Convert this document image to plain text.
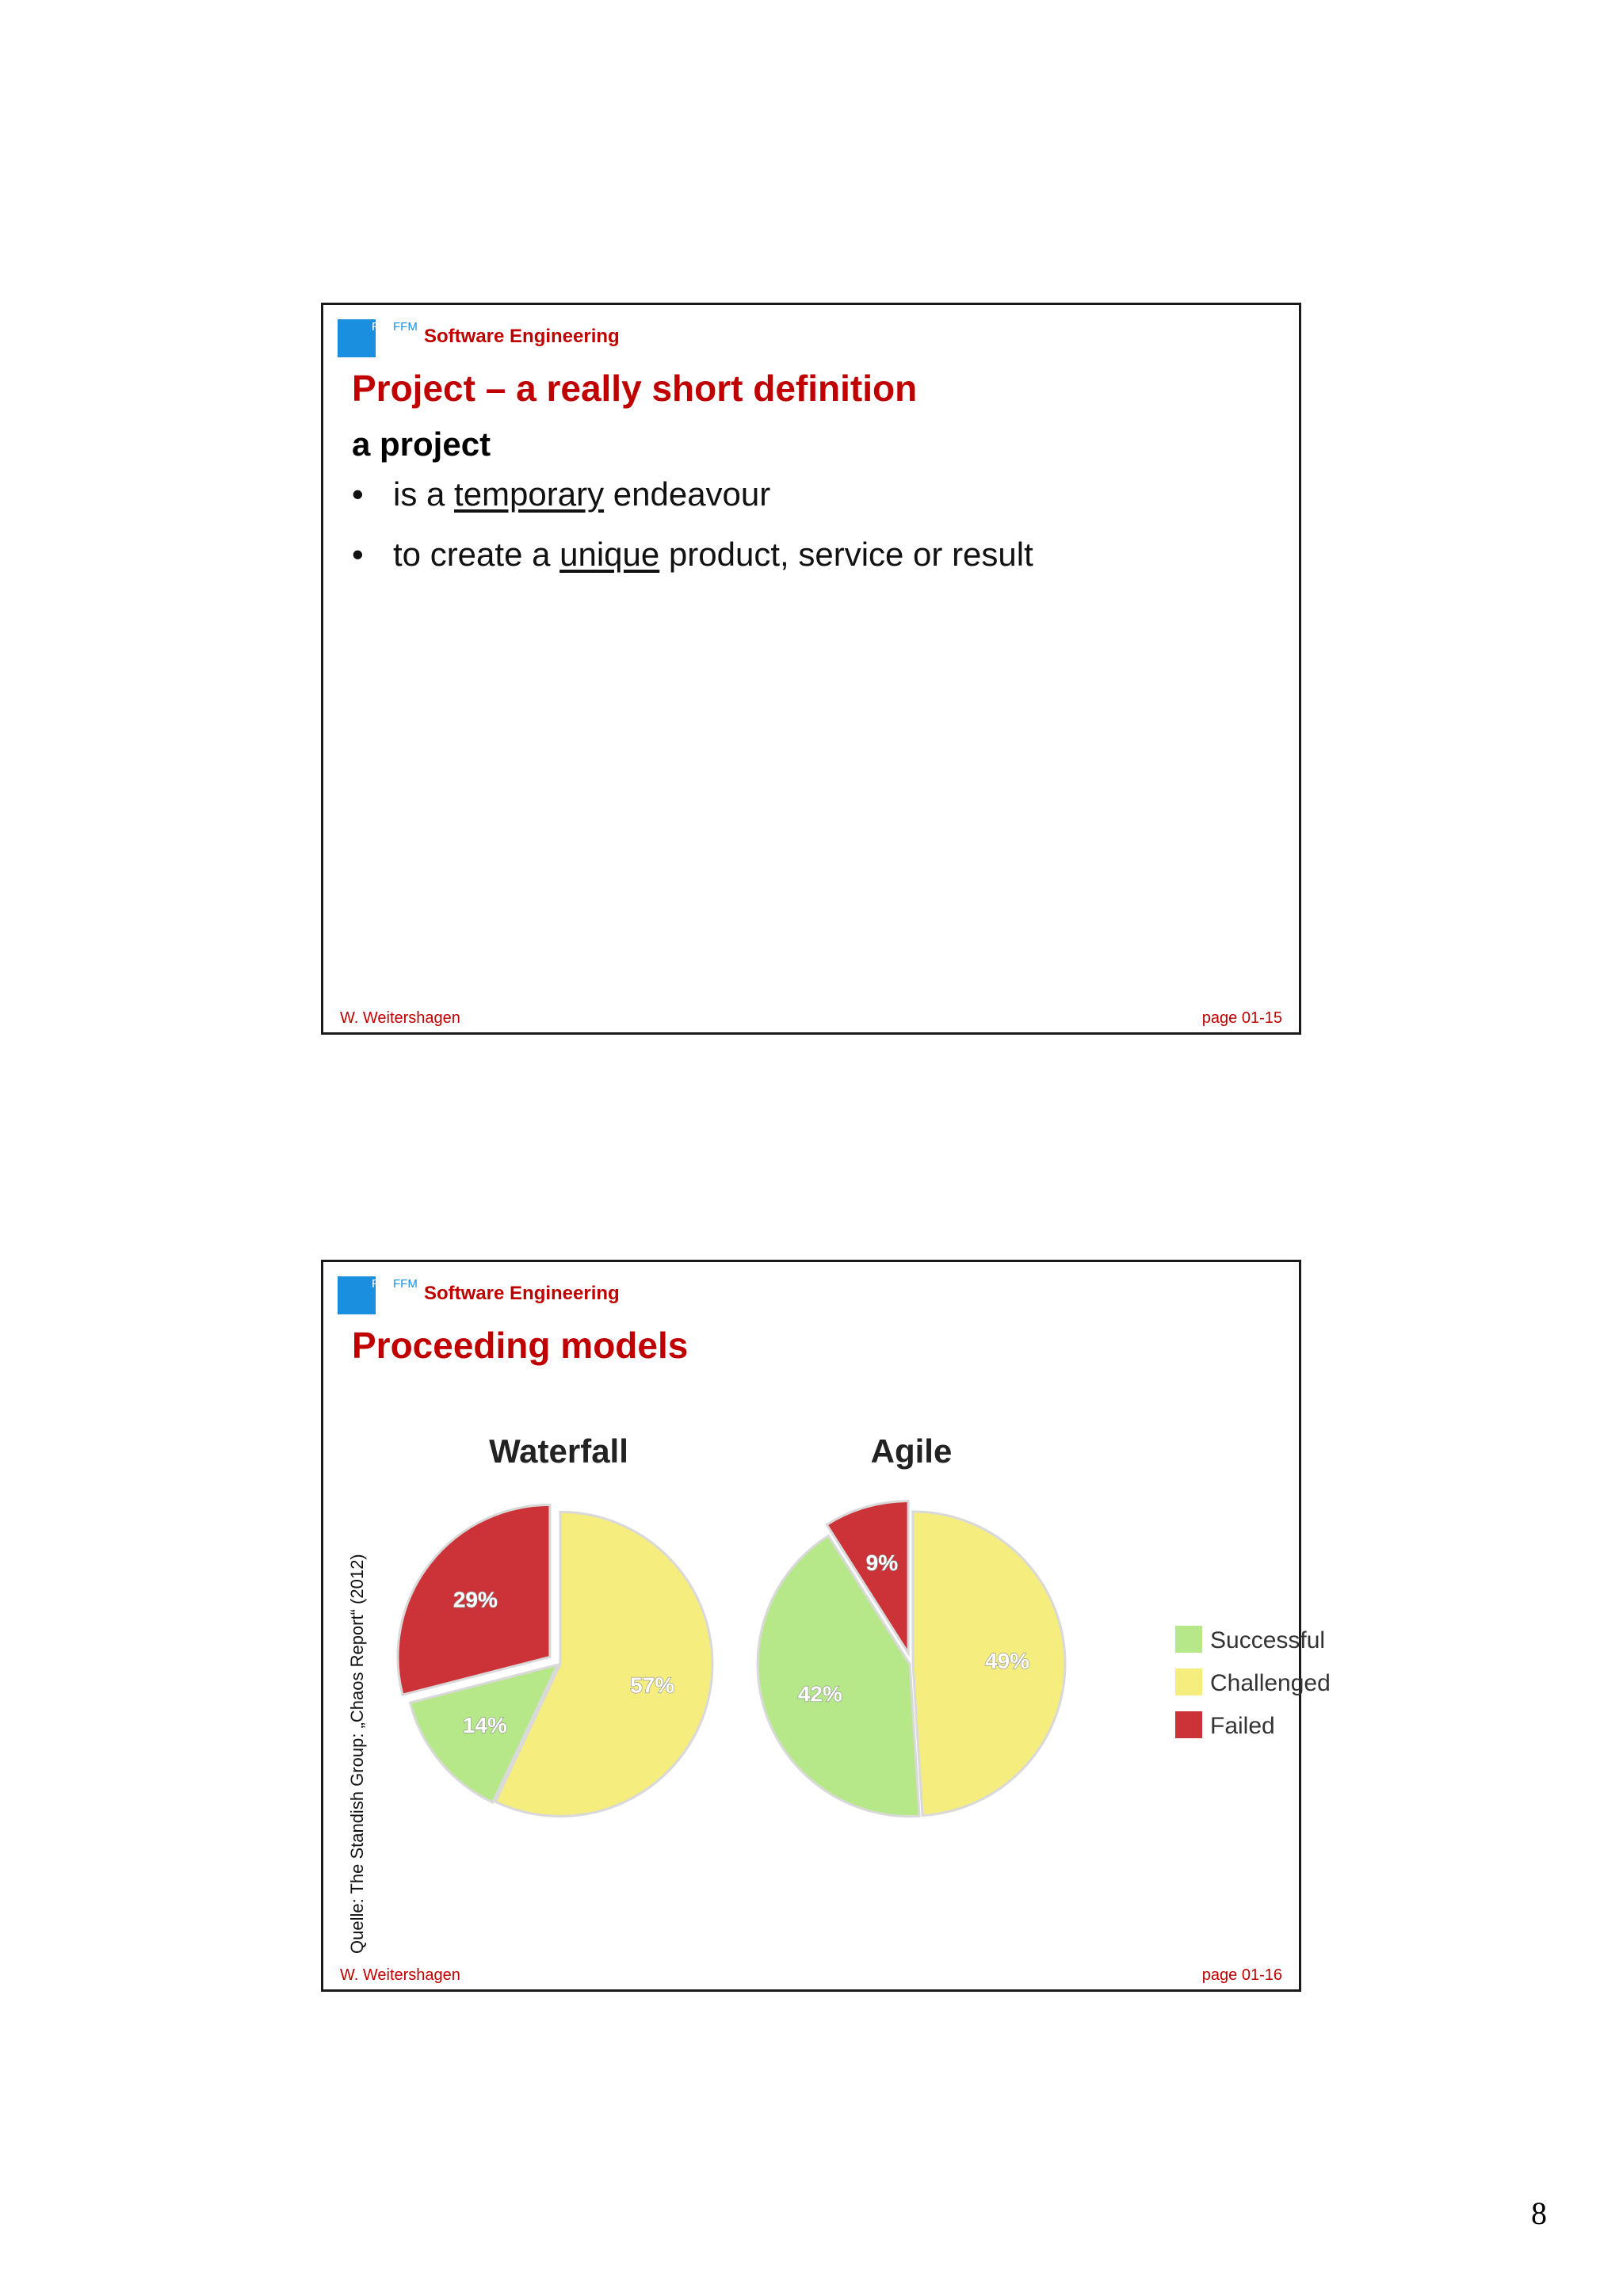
FH FFM Software Engineering
Project – a really short definition
a project
• is a temporary endeavour
• to create a unique product, service or result
W. Weitershagen	page 01-15
FH FFM Software Engineering
Proceeding models
Quelle: The Standish Group: „Chaos Report“ (2012)
Waterfall
57%
14%
29%
Agile
49%
42%
9%
Successful
Challenged
Failed
W. Weitershagen	page 01-16
8
